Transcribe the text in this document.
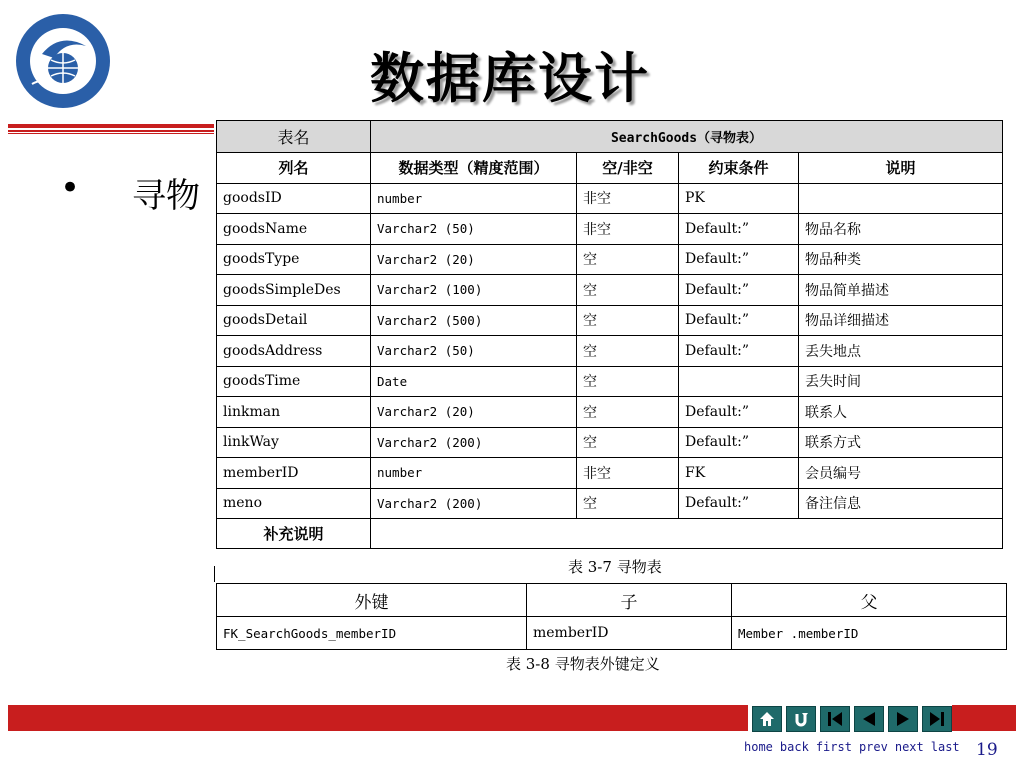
数据库设计
• 寻物
表名	SearchGoods（寻物表）			
列名	数据类型（精度范围）	空/非空	约束条件	说明
goodsID	number	非空	PK	
goodsName	Varchar2 (50)	非空	Default:”	物品名称
goodsType	Varchar2 (20)	空	Default:”	物品种类
goodsSimpleDes	Varchar2 (100)	空	Default:”	物品简单描述
goodsDetail	Varchar2 (500)	空	Default:”	物品详细描述
goodsAddress	Varchar2 (50)	空	Default:”	丢失地点
goodsTime	Date	空		丢失时间
linkman	Varchar2 (20)	空	Default:”	联系人
linkWay	Varchar2 (200)	空	Default:”	联系方式
memberID	number	非空	FK	会员编号
meno	Varchar2 (200)	空	Default:”	备注信息
补充说明				
表 3-7 寻物表
外键	子	父
FK_SearchGoods_memberID	memberID	Member .memberID
表 3-8 寻物表外键定义
home back first prev next last 19
